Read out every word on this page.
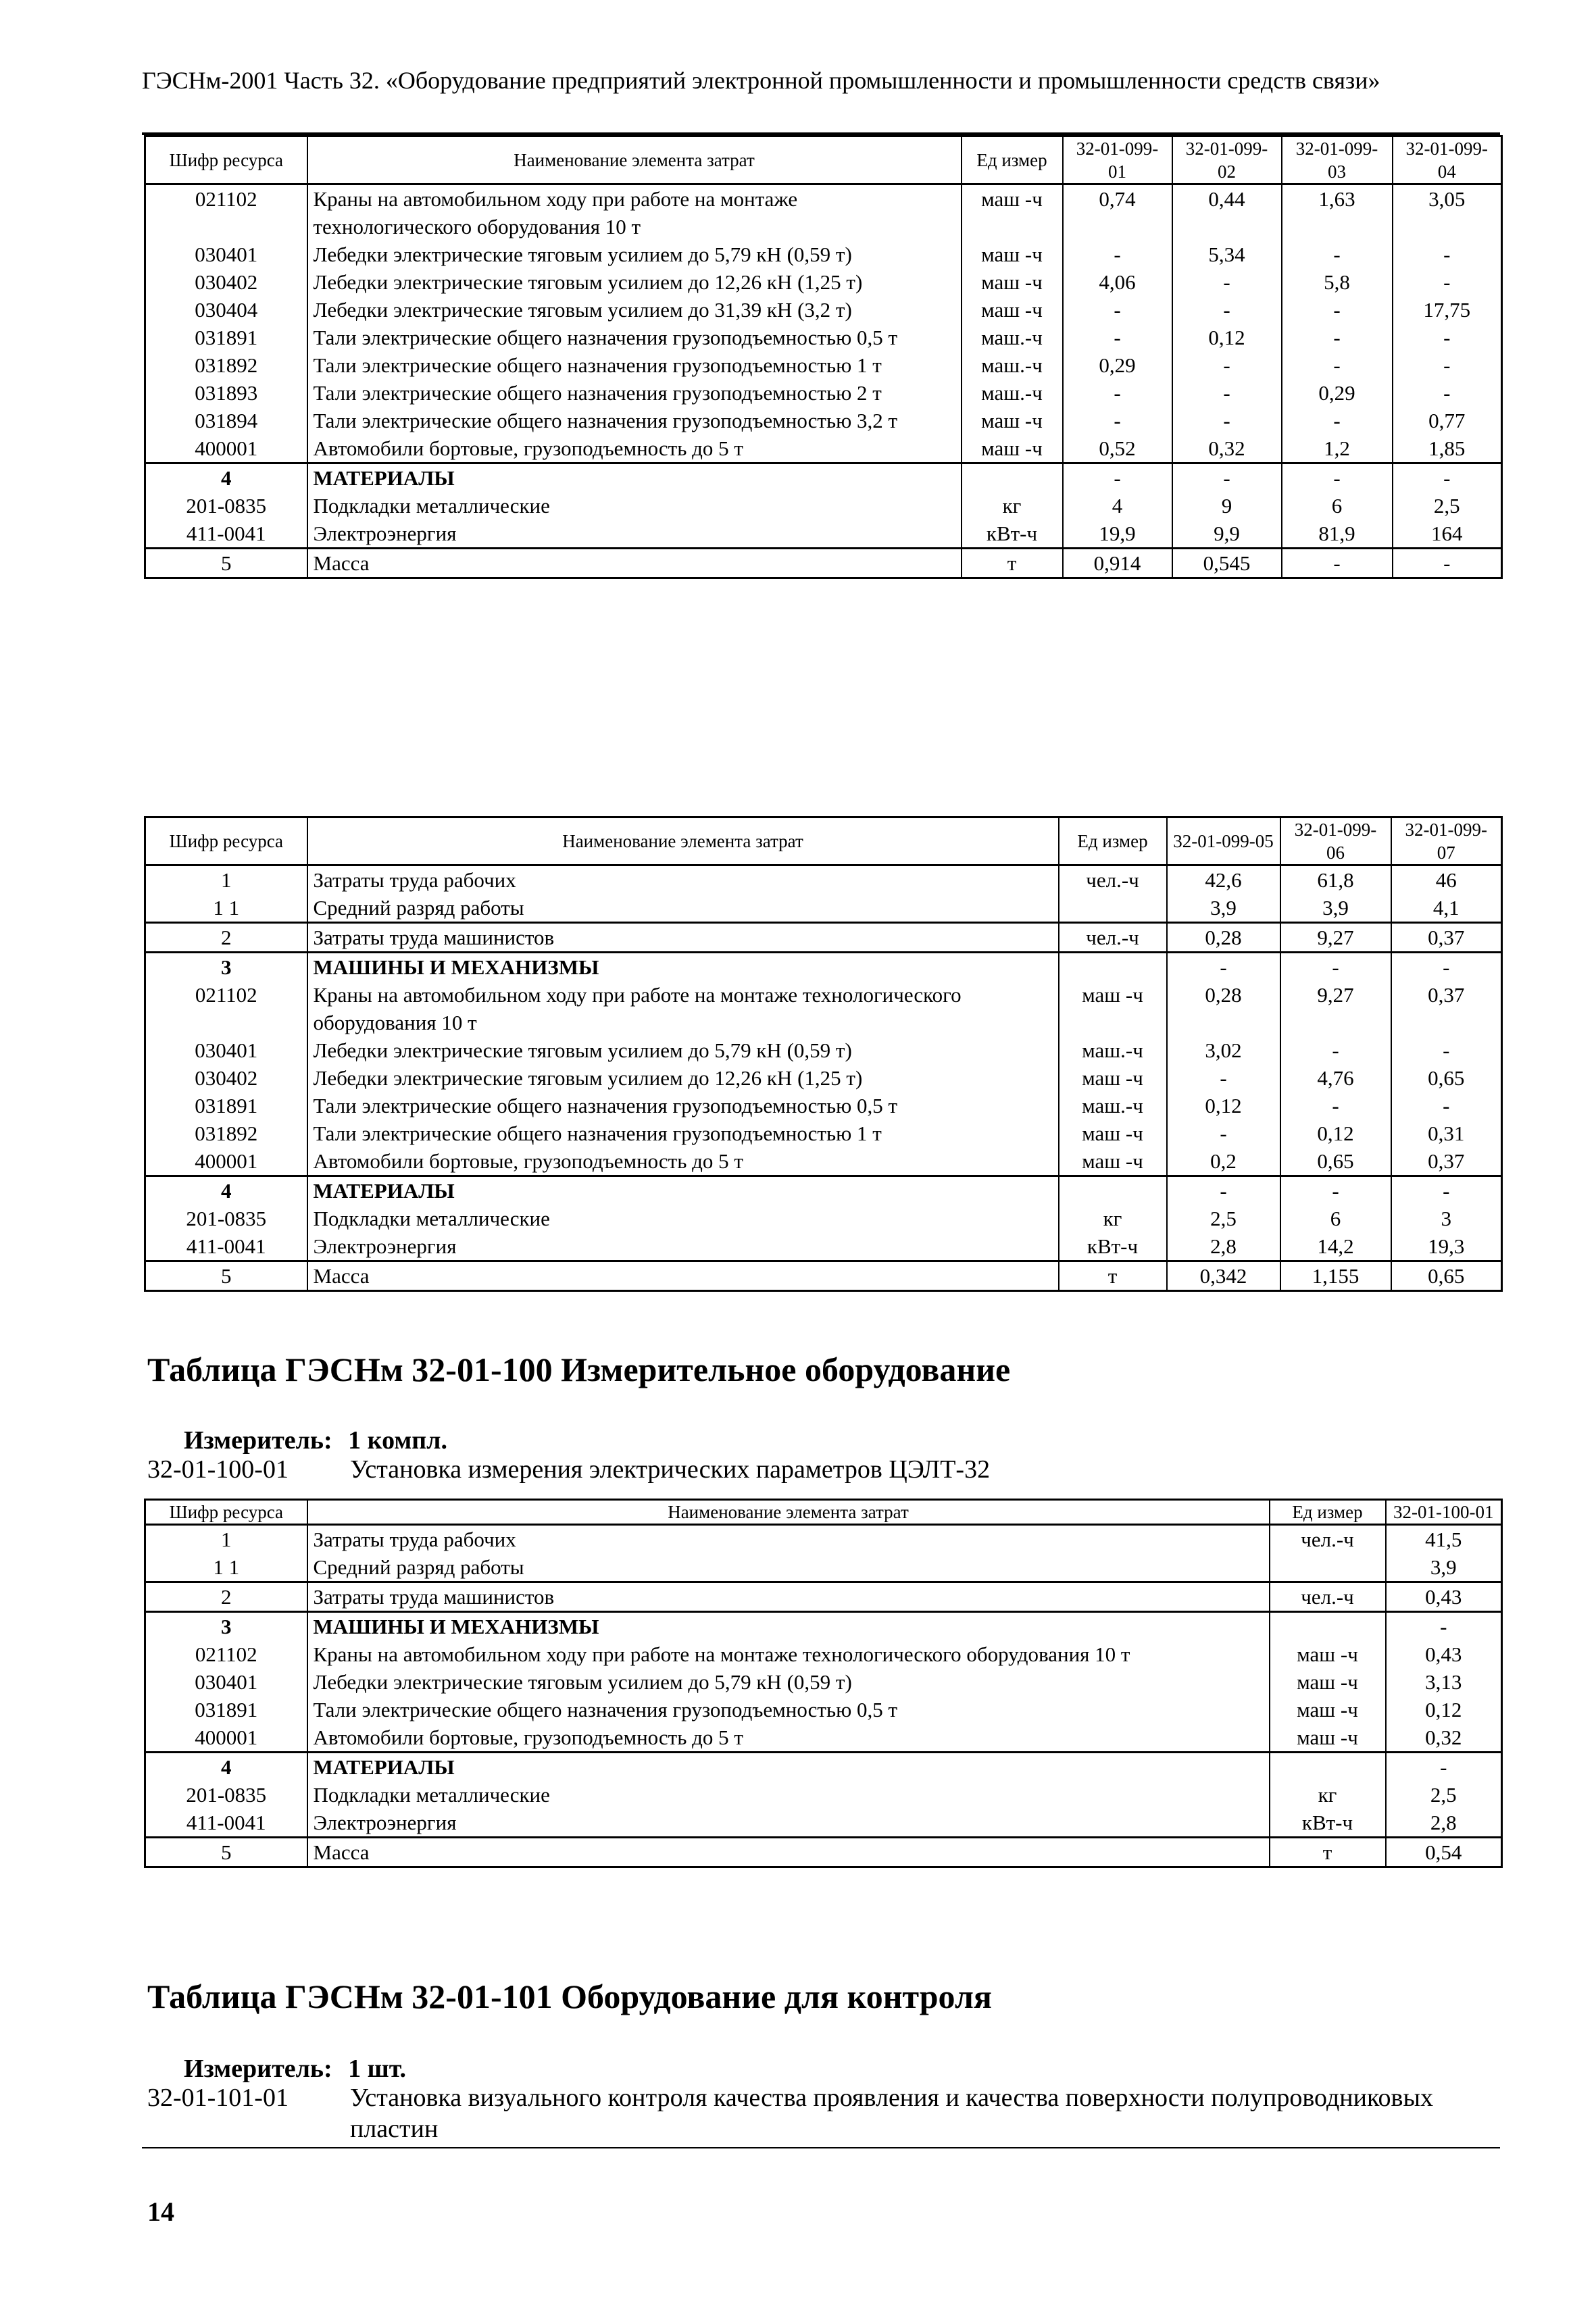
ГЭСНм-2001 Часть 32. «Оборудование предприятий электронной промышленности и промышленности средств связи»
Шифр ресурса	Наименование элемента затрат	Ед измер	32-01-099-01	32-01-099-02	32-01-099-03	32-01-099-04
021102	Краны на автомобильном ходу при работе на монтаже технологического оборудования 10 т	маш -ч	0,74	0,44	1,63	3,05
030401	Лебедки электрические тяговым усилием до 5,79 кН (0,59 т)	маш -ч	-	5,34	-	-
030402	Лебедки электрические тяговым усилием до 12,26 кН (1,25 т)	маш -ч	4,06	-	5,8	-
030404	Лебедки электрические тяговым усилием до 31,39 кН (3,2 т)	маш -ч	-	-	-	17,75
031891	Тали электрические общего назначения грузоподъемностью 0,5 т	маш.-ч	-	0,12	-	-
031892	Тали электрические общего назначения грузоподъемностью 1 т	маш.-ч	0,29	-	-	-
031893	Тали электрические общего назначения грузоподъемностью 2 т	маш.-ч	-	-	0,29	-
031894	Тали электрические общего назначения грузоподъемностью 3,2 т	маш -ч	-	-	-	0,77
400001	Автомобили бортовые, грузоподъемность до 5 т	маш -ч	0,52	0,32	1,2	1,85
4	МАТЕРИАЛЫ		-	-	-	-
201-0835	Подкладки металлические	кг	4	9	6	2,5
411-0041	Электроэнергия	кВт-ч	19,9	9,9	81,9	164
5	Масса	т	0,914	0,545	-	-
Шифр ресурса	Наименование элемента затрат	Ед измер	32-01-099-05	32-01-099-06	32-01-099-07
1	Затраты труда рабочих	чел.-ч	42,6	61,8	46
1 1	Средний разряд работы		3,9	3,9	4,1
2	Затраты труда машинистов	чел.-ч	0,28	9,27	0,37
3	МАШИНЫ И МЕХАНИЗМЫ		-	-	-
021102	Краны на автомобильном ходу при работе на монтаже технологического оборудования 10 т	маш -ч	0,28	9,27	0,37
030401	Лебедки электрические тяговым усилием до 5,79 кН (0,59 т)	маш.-ч	3,02	-	-
030402	Лебедки электрические тяговым усилием до 12,26 кН (1,25 т)	маш -ч	-	4,76	0,65
031891	Тали электрические общего назначения грузоподъемностью 0,5 т	маш.-ч	0,12	-	-
031892	Тали электрические общего назначения грузоподъемностью 1 т	маш -ч	-	0,12	0,31
400001	Автомобили бортовые, грузоподъемность до 5 т	маш -ч	0,2	0,65	0,37
4	МАТЕРИАЛЫ		-	-	-
201-0835	Подкладки металлические	кг	2,5	6	3
411-0041	Электроэнергия	кВт-ч	2,8	14,2	19,3
5	Масса	т	0,342	1,155	0,65
Таблица ГЭСНм 32-01-100 Измерительное оборудование
Измеритель: 1 компл.
32-01-100-01 Установка измерения электрических параметров ЦЭЛТ-32
Шифр ресурса	Наименование элемента затрат	Ед измер	32-01-100-01
1	Затраты труда рабочих	чел.-ч	41,5
1 1	Средний разряд работы		3,9
2	Затраты труда машинистов	чел.-ч	0,43
3	МАШИНЫ И МЕХАНИЗМЫ		-
021102	Краны на автомобильном ходу при работе на монтаже технологического оборудования 10 т	маш -ч	0,43
030401	Лебедки электрические тяговым усилием до 5,79 кН (0,59 т)	маш -ч	3,13
031891	Тали электрические общего назначения грузоподъемностью 0,5 т	маш -ч	0,12
400001	Автомобили бортовые, грузоподъемность до 5 т	маш -ч	0,32
4	МАТЕРИАЛЫ		-
201-0835	Подкладки металлические	кг	2,5
411-0041	Электроэнергия	кВт-ч	2,8
5	Масса	т	0,54
Таблица ГЭСНм 32-01-101 Оборудование для контроля
Измеритель: 1 шт.
32-01-101-01 Установка визуального контроля качества проявления и качества поверхности полупроводниковых пластин
14
